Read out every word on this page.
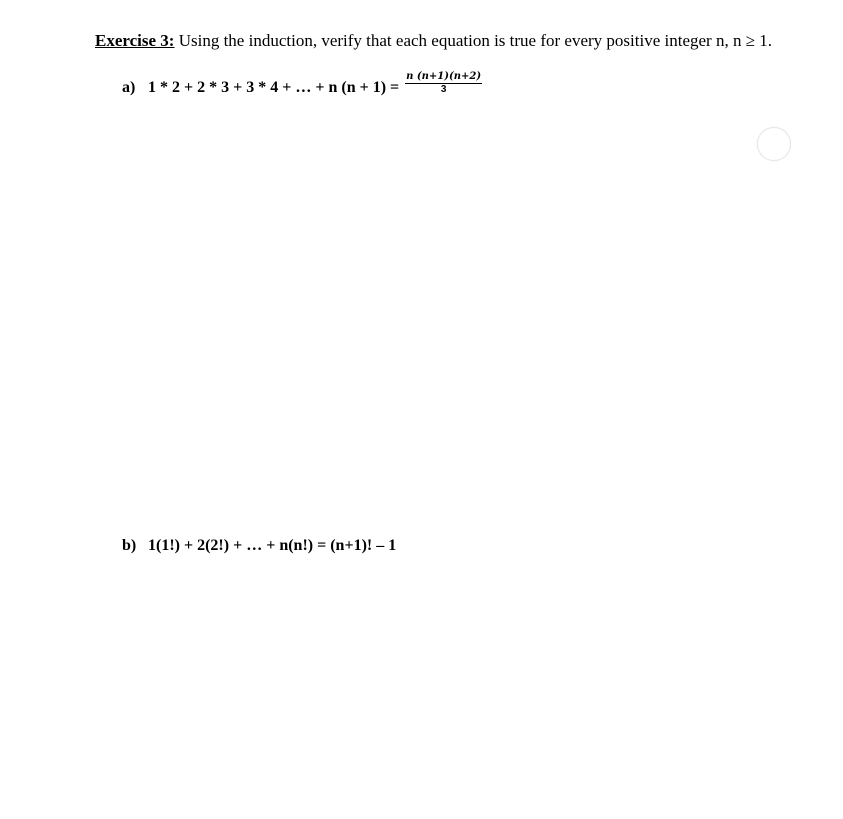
Exercise 3: Using the induction, verify that each equation is true for every positive integer n, n ≥ 1.
a) 1 * 2 + 2 * 3 + 3 * 4 + … + n $(n + 1) = \frac{n (n+1)(n+2)}{3}$
b) 1(1!) + 2(2!) + … + n(n!) = (n+1)! – 1
